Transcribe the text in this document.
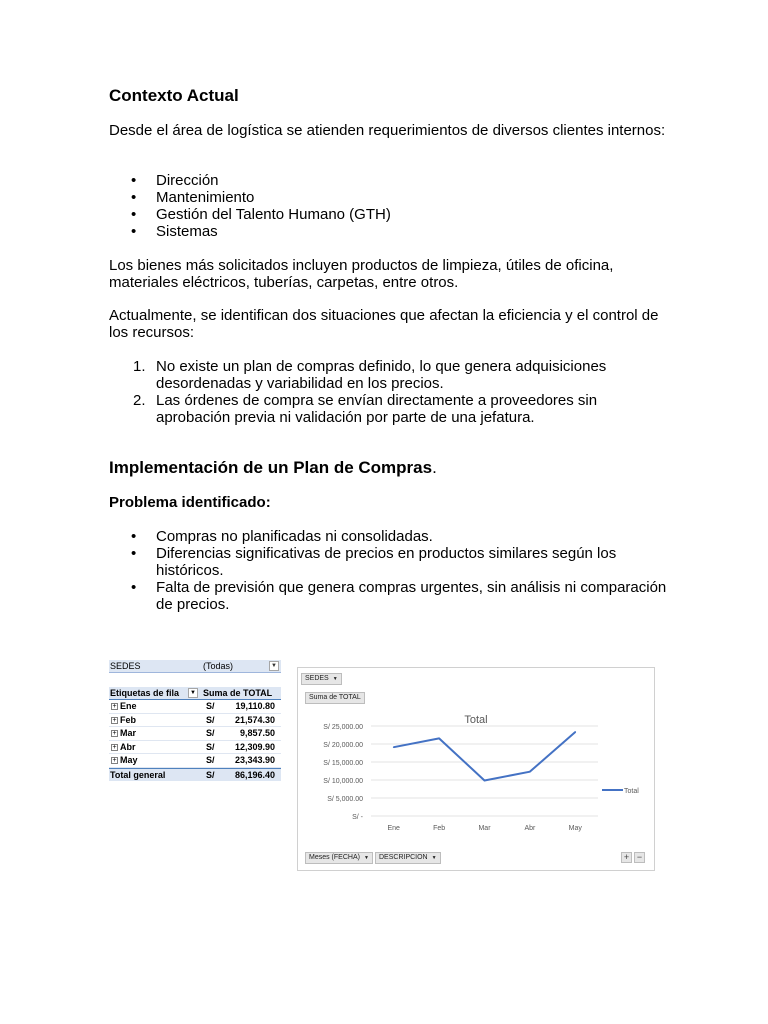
Contexto Actual

Desde el área de logística se atienden requerimientos de diversos clientes internos:

• Dirección
• Mantenimiento
• Gestión del Talento Humano (GTH)
• Sistemas

Los bienes más solicitados incluyen productos de limpieza, útiles de oficina, materiales eléctricos, tuberías, carpetas, entre otros.

Actualmente, se identifican dos situaciones que afectan la eficiencia y el control de los recursos:

1. No existe un plan de compras definido, lo que genera adquisiciones desordenadas y variabilidad en los precios.
2. Las órdenes de compra se envían directamente a proveedores sin aprobación previa ni validación por parte de una jefatura.
Implementación de un Plan de Compras.
Problema identificado:
• Compras no planificadas ni consolidadas.
• Diferencias significativas de precios en productos similares según los históricos.
• Falta de previsión que genera compras urgentes, sin análisis ni comparación de precios.
SEDES	(Todas)	▼
Etiquetas de fila	▼ Suma de TOTAL
+ Ene	S/ 19,110.80
+ Feb	S/ 21,574.30
+ Mar	S/	9,857.50
+ Abr	S/ 12,309.90
+ May	S/ 23,343.90
Total general	S/ 86,196.40
Total
S/ 25,000.00
S/ 20,000.00
S/ 15,000.00
S/ 10,000.00
S/ 5,000.00
S/ -
Ene	Feb	Mar	Abr	May
Total
SEDES ▼
Suma de TOTAL
Meses (FECHA) ▼	DESCRIPCION ▼	+ −
